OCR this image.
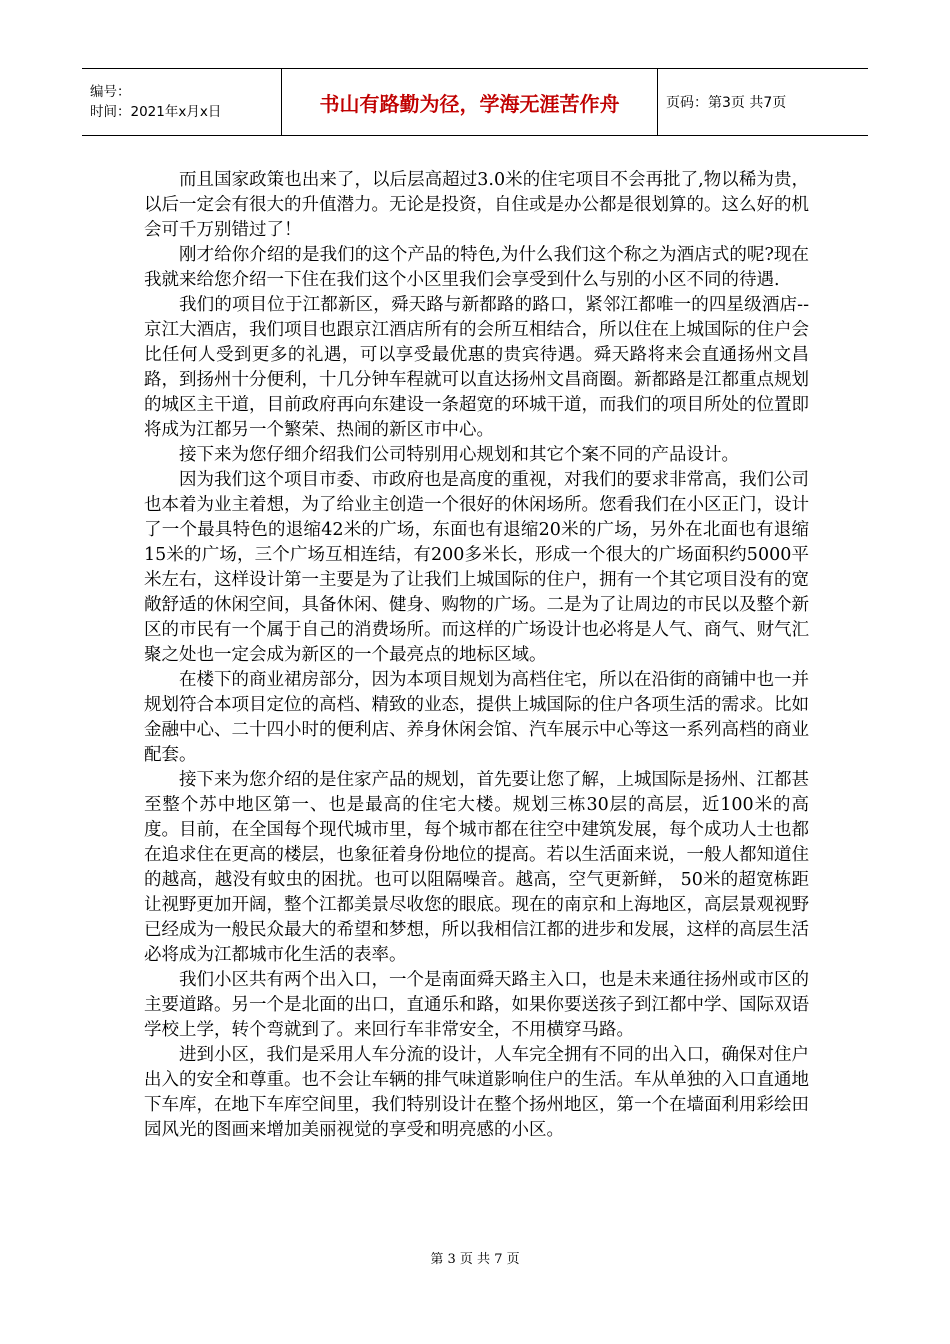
编号：
时间：2021年x月x日	书山有路勤为径，学海无涯苦作舟	页码：第3页 共7页

而且国家政策也出来了，以后层高超过3.0米的住宅项目不会再批了,物以稀为贵，以后一定会有很大的升值潜力。无论是投资，自住或是办公都是很划算的。这么好的机会可千万别错过了！

刚才给你介绍的是我们的这个产品的特色,为什么我们这个称之为酒店式的呢?现在我就来给您介绍一下住在我们这个小区里我们会享受到什么与别的小区不同的待遇.

我们的项目位于江都新区，舜天路与新都路的路口，紧邻江都唯一的四星级酒店--京江大酒店，我们项目也跟京江酒店所有的会所互相结合，所以住在上城国际的住户会比任何人受到更多的礼遇，可以享受最优惠的贵宾待遇。舜天路将来会直通扬州文昌路，到扬州十分便利，十几分钟车程就可以直达扬州文昌商圈。新都路是江都重点规划的城区主干道，目前政府再向东建设一条超宽的环城干道，而我们的项目所处的位置即将成为江都另一个繁荣、热闹的新区市中心。

接下来为您仔细介绍我们公司特别用心规划和其它个案不同的产品设计。

因为我们这个项目市委、市政府也是高度的重视，对我们的要求非常高，我们公司也本着为业主着想，为了给业主创造一个很好的休闲场所。您看我们在小区正门，设计了一个最具特色的退缩42米的广场，东面也有退缩20米的广场，另外在北面也有退缩15米的广场，三个广场互相连结，有200多米长，形成一个很大的广场面积约5000平米左右，这样设计第一主要是为了让我们上城国际的住户，拥有一个其它项目没有的宽敞舒适的休闲空间，具备休闲、健身、购物的广场。二是为了让周边的市民以及整个新区的市民有一个属于自己的消费场所。而这样的广场设计也必将是人气、商气、财气汇聚之处也一定会成为新区的一个最亮点的地标区域。

在楼下的商业裙房部分，因为本项目规划为高档住宅，所以在沿街的商铺中也一并规划符合本项目定位的高档、精致的业态，提供上城国际的住户各项生活的需求。比如金融中心、二十四小时的便利店、养身休闲会馆、汽车展示中心等这一系列高档的商业配套。

接下来为您介绍的是住家产品的规划，首先要让您了解，上城国际是扬州、江都甚至整个苏中地区第一、也是最高的住宅大楼。规划三栋30层的高层，近100米的高度。目前，在全国每个现代城市里，每个城市都在往空中建筑发展，每个成功人士也都在追求住在更高的楼层，也象征着身份地位的提高。若以生活面来说，一般人都知道住的越高，越没有蚊虫的困扰。也可以阻隔噪音。越高，空气更新鲜， 50米的超宽栋距让视野更加开阔，整个江都美景尽收您的眼底。现在的南京和上海地区，高层景观视野已经成为一般民众最大的希望和梦想，所以我相信江都的进步和发展，这样的高层生活必将成为江都城市化生活的表率。

我们小区共有两个出入口，一个是南面舜天路主入口，也是未来通往扬州或市区的主要道路。另一个是北面的出口，直通乐和路，如果你要送孩子到江都中学、国际双语学校上学，转个弯就到了。来回行车非常安全，不用横穿马路。

进到小区，我们是采用人车分流的设计，人车完全拥有不同的出入口，确保对住户出入的安全和尊重。也不会让车辆的排气味道影响住户的生活。车从单独的入口直通地下车库，在地下车库空间里，我们特别设计在整个扬州地区，第一个在墙面利用彩绘田园风光的图画来增加美丽视觉的享受和明亮感的小区。

第 3 页 共 7 页
